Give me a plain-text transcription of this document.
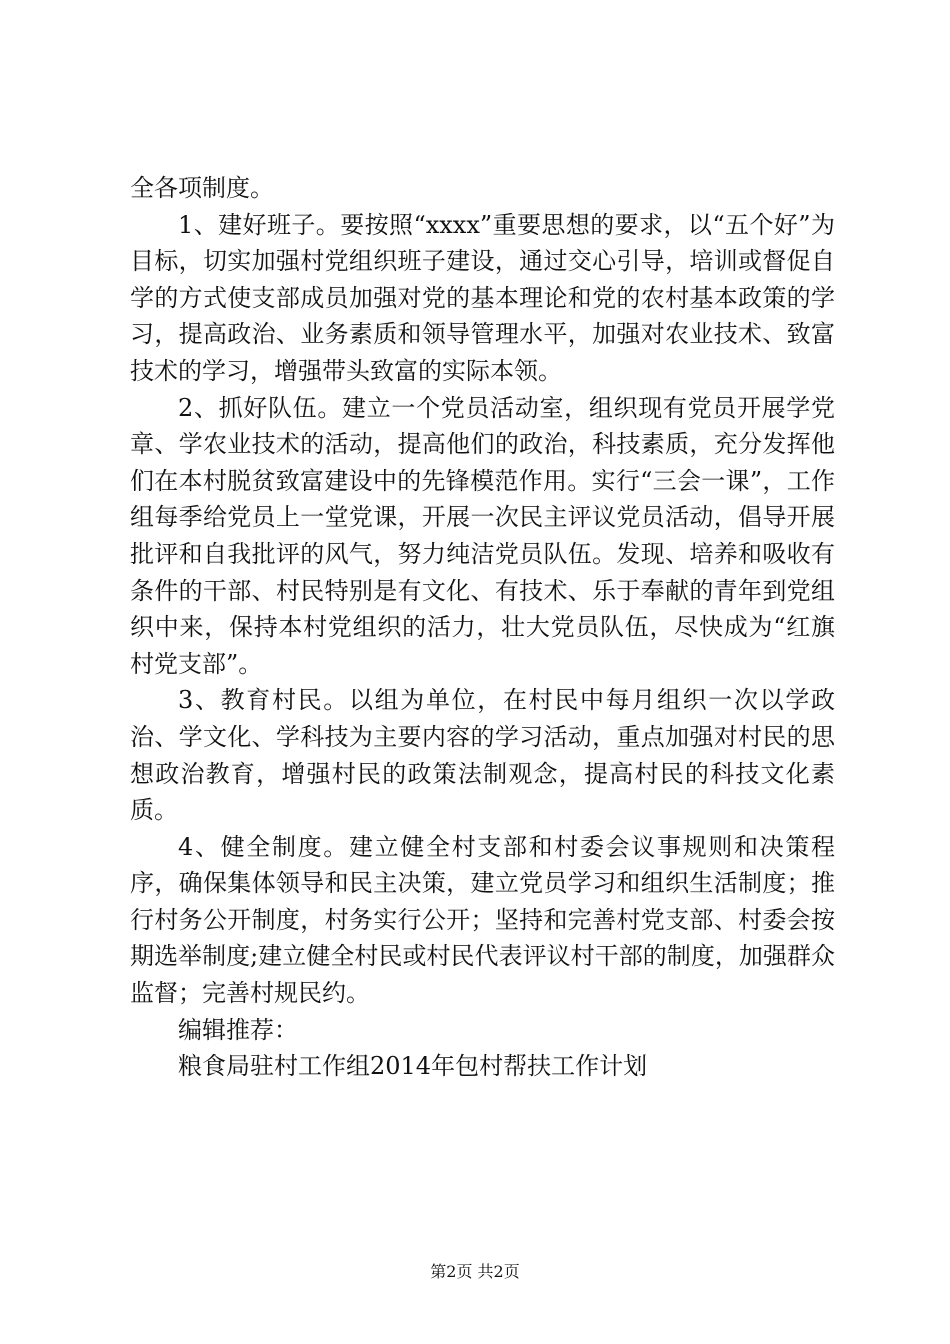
全各项制度。

1、建好班子。要按照“xxxx”重要思想的要求，以“五个好”为目标，切实加强村党组织班子建设，通过交心引导，培训或督促自学的方式使支部成员加强对党的基本理论和党的农村基本政策的学习，提高政治、业务素质和领导管理水平，加强对农业技术、致富技术的学习，增强带头致富的实际本领。

2、抓好队伍。建立一个党员活动室，组织现有党员开展学党章、学农业技术的活动，提高他们的政治，科技素质，充分发挥他们在本村脱贫致富建设中的先锋模范作用。实行“三会一课”，工作组每季给党员上一堂党课，开展一次民主评议党员活动，倡导开展批评和自我批评的风气，努力纯洁党员队伍。发现、培养和吸收有条件的干部、村民特别是有文化、有技术、乐于奉献的青年到党组织中来，保持本村党组织的活力，壮大党员队伍，尽快成为“红旗村党支部”。

3、教育村民。以组为单位，在村民中每月组织一次以学政治、学文化、学科技为主要内容的学习活动，重点加强对村民的思想政治教育，增强村民的政策法制观念，提高村民的科技文化素质。

4、健全制度。建立健全村支部和村委会议事规则和决策程序，确保集体领导和民主决策，建立党员学习和组织生活制度；推行村务公开制度，村务实行公开；坚持和完善村党支部、村委会按期选举制度;建立健全村民或村民代表评议村干部的制度，加强群众监督；完善村规民约。

编辑推荐：

粮食局驻村工作组2014年包村帮扶工作计划

第2页 共2页
